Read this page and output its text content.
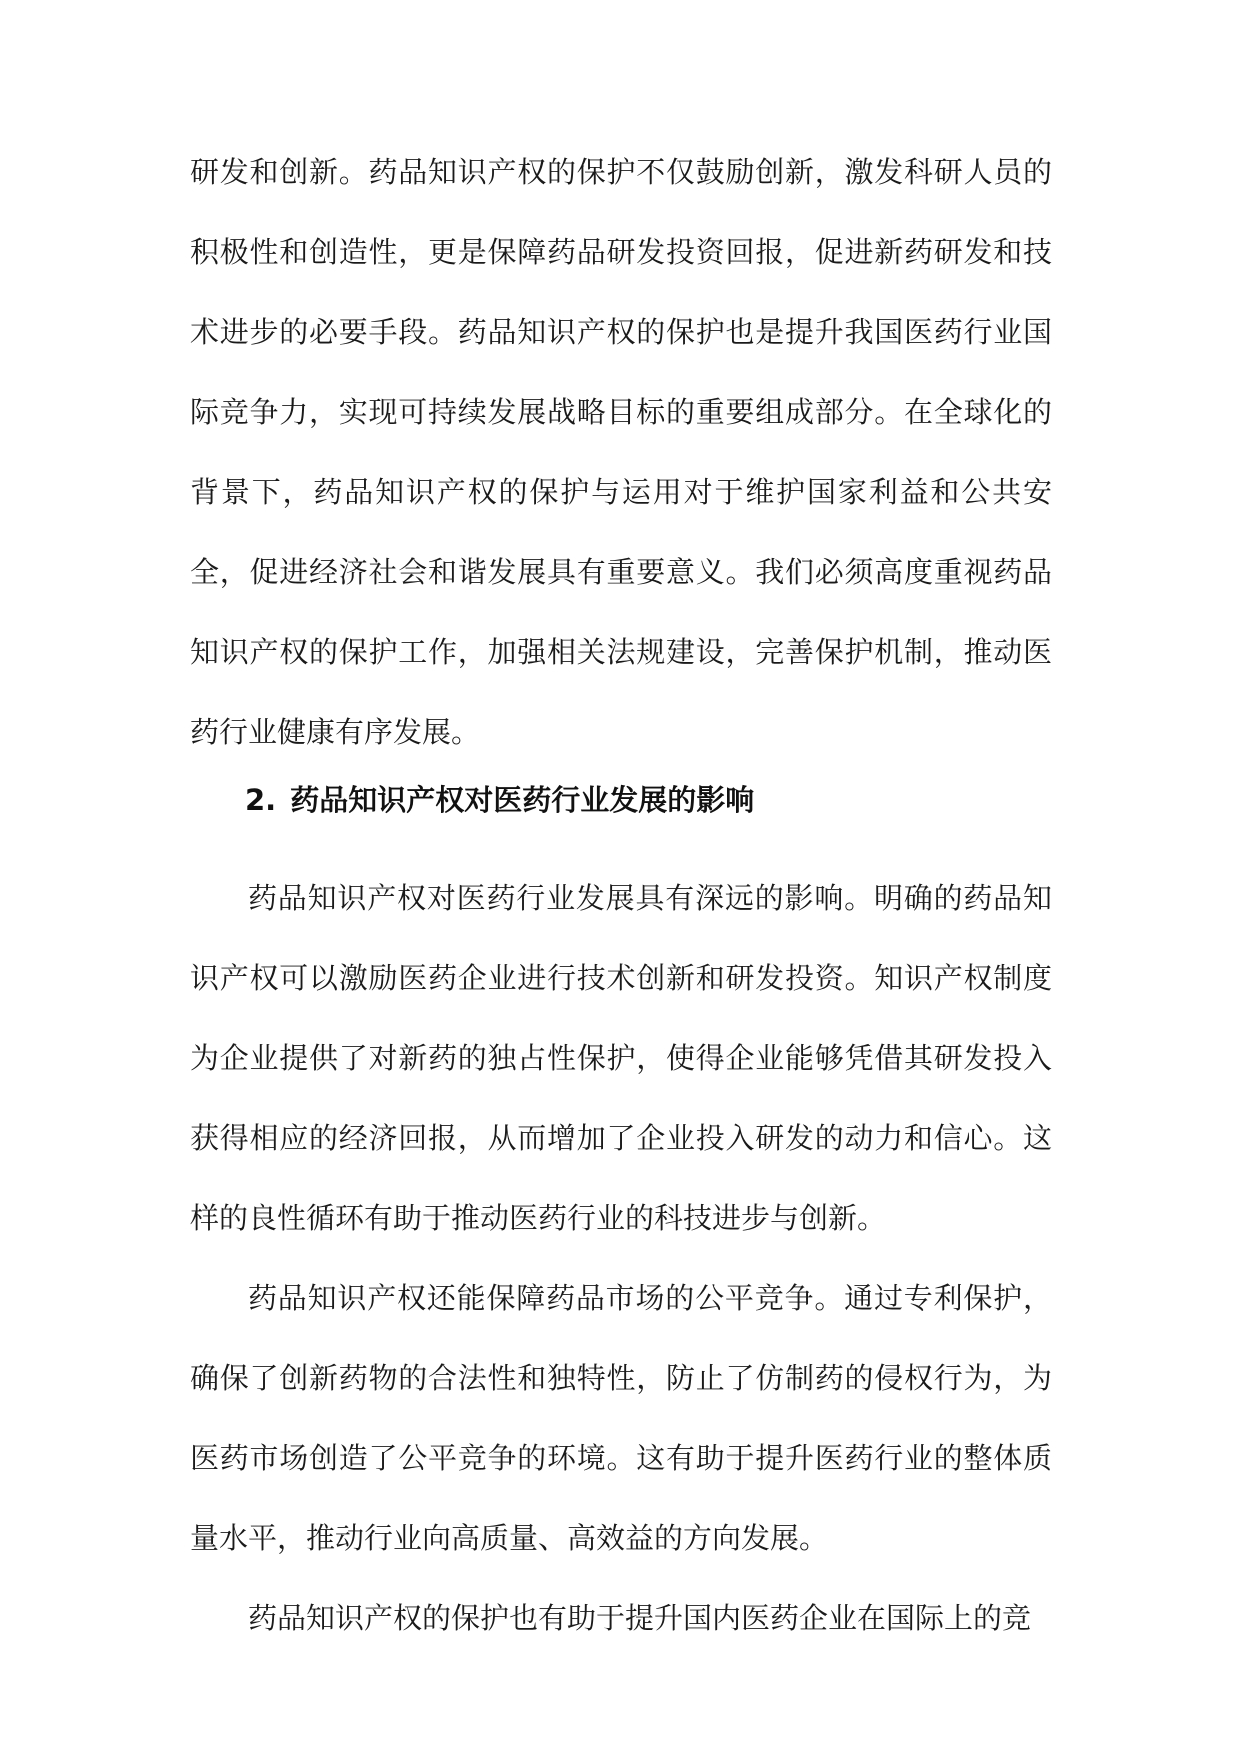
研发和创新。药品知识产权的保护不仅鼓励创新，激发科研人员的积极性和创造性，更是保障药品研发投资回报，促进新药研发和技术进步的必要手段。药品知识产权的保护也是提升我国医药行业国际竞争力，实现可持续发展战略目标的重要组成部分。在全球化的背景下，药品知识产权的保护与运用对于维护国家利益和公共安全，促进经济社会和谐发展具有重要意义。我们必须高度重视药品知识产权的保护工作，加强相关法规建设，完善保护机制，推动医药行业健康有序发展。

2. 药品知识产权对医药行业发展的影响

药品知识产权对医药行业发展具有深远的影响。明确的药品知识产权可以激励医药企业进行技术创新和研发投资。知识产权制度为企业提供了对新药的独占性保护，使得企业能够凭借其研发投入获得相应的经济回报，从而增加了企业投入研发的动力和信心。这样的良性循环有助于推动医药行业的科技进步与创新。

药品知识产权还能保障药品市场的公平竞争。通过专利保护，确保了创新药物的合法性和独特性，防止了仿制药的侵权行为，为医药市场创造了公平竞争的环境。这有助于提升医药行业的整体质量水平，推动行业向高质量、高效益的方向发展。

药品知识产权的保护也有助于提升国内医药企业在国际上的竞
